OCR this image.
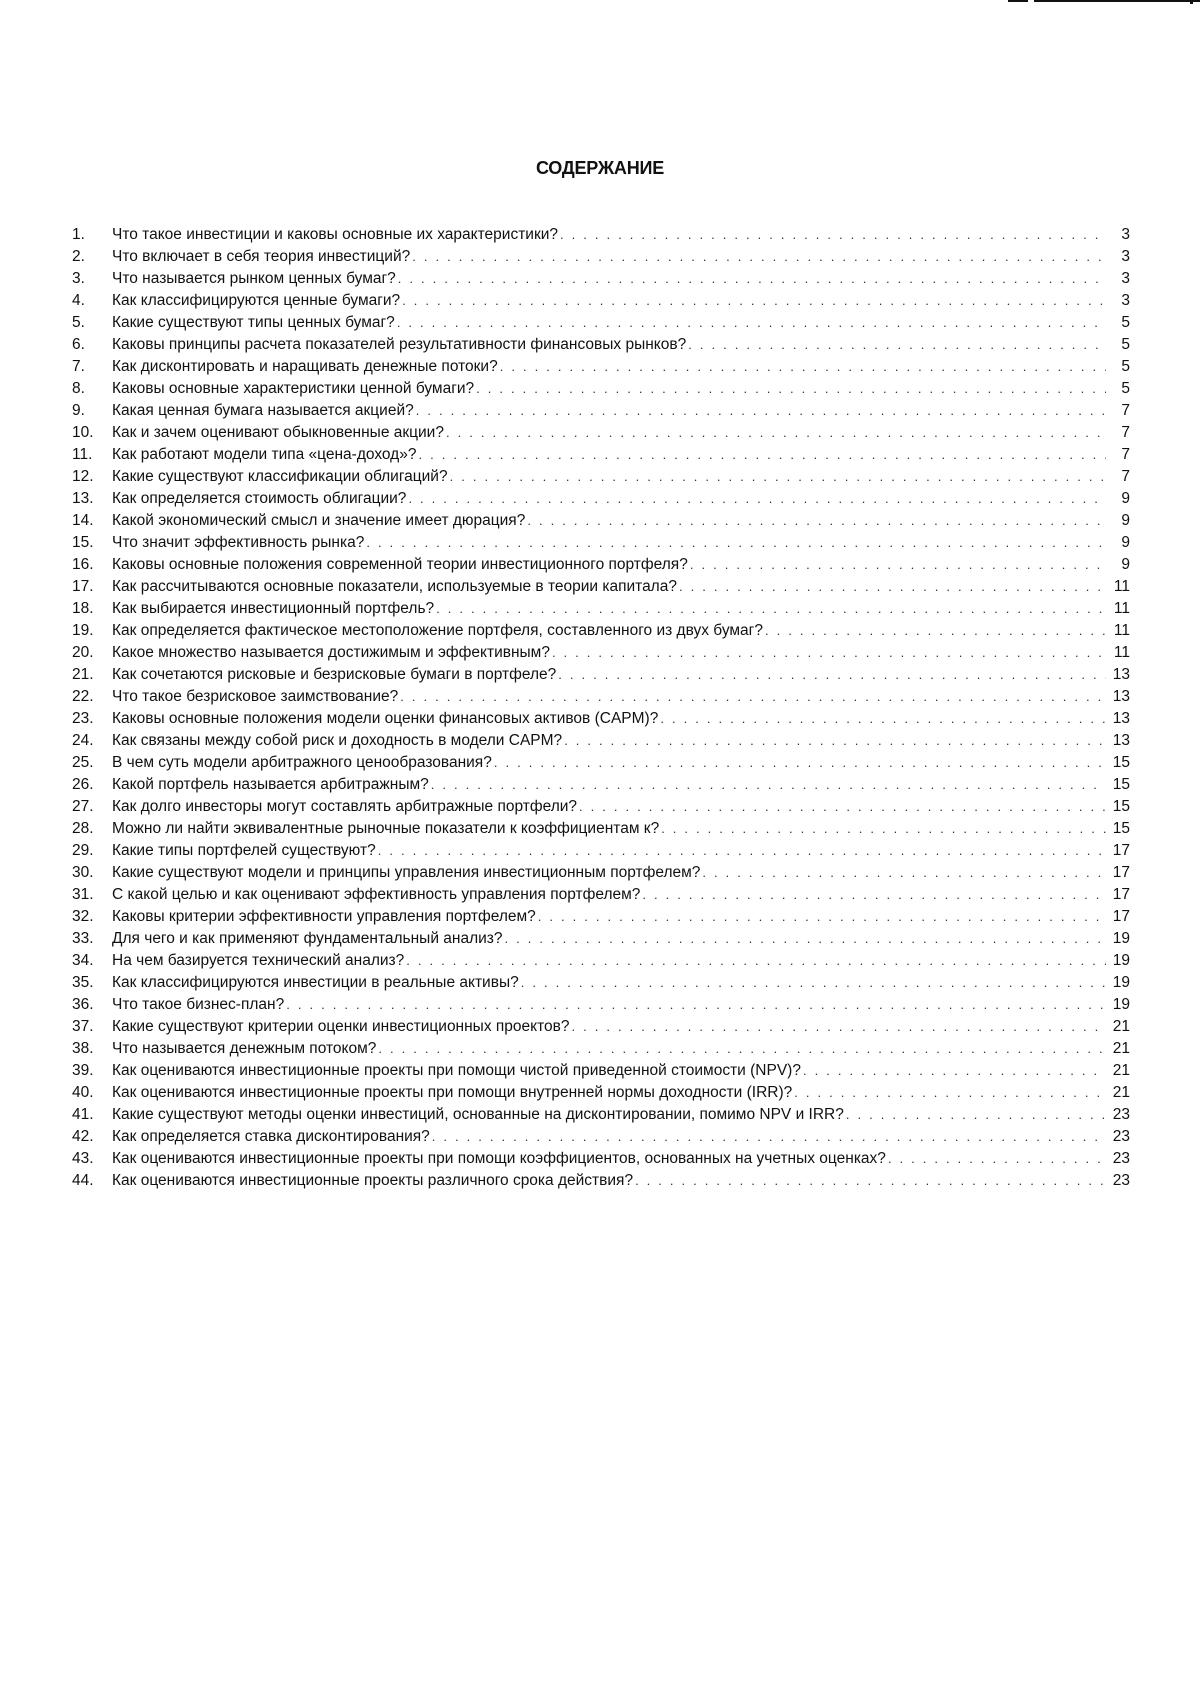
СОДЕРЖАНИЕ
1.	Что такое инвестиции и каковы основные их характеристики? . . .	3
2.	Что включает в себя теория инвестиций? . . .	3
3.	Что называется рынком ценных бумаг? . . .	3
4.	Как классифицируются ценные бумаги? . . .	3
5.	Какие существуют типы ценных бумаг? . . .	5
6.	Каковы принципы расчета показателей результативности финансовых рынков? . . .	5
7.	Как дисконтировать и наращивать денежные потоки? . . .	5
8.	Каковы основные характеристики ценной бумаги? . . .	5
9.	Какая ценная бумага называется акцией? . . .	7
10.	Как и зачем оценивают обыкновенные акции? . . .	7
11.	Как работают модели типа «цена-доход»? . . .	7
12.	Какие существуют классификации облигаций? . . .	7
13.	Как определяется стоимость облигации? . . .	9
14.	Какой экономический смысл и значение имеет дюрация? . . .	9
15.	Что значит эффективность рынка? . . .	9
16.	Каковы основные положения современной теории инвестиционного портфеля? . . .	9
17.	Как рассчитываются основные показатели, используемые в теории капитала? . . .	11
18.	Как выбирается инвестиционный портфель? . . .	11
19.	Как определяется фактическое местоположение портфеля, составленного из двух бумаг? . . .	11
20.	Какое множество называется достижимым и эффективным? . . .	11
21.	Как сочетаются рисковые и безрисковые бумаги в портфеле? . . .	13
22.	Что такое безрисковое заимствование? . . .	13
23.	Каковы основные положения модели оценки финансовых активов (CAPM)? . . .	13
24.	Как связаны между собой риск и доходность в модели CAPM? . . .	13
25.	В чем суть модели арбитражного ценообразования? . . .	15
26.	Какой портфель называется арбитражным? . . .	15
27.	Как долго инвесторы могут составлять арбитражные портфели? . . .	15
28.	Можно ли найти эквивалентные рыночные показатели к коэффициентам к? . . .	15
29.	Какие типы портфелей существуют? . . .	17
30.	Какие существуют модели и принципы управления инвестиционным портфелем? . . .	17
31.	С какой целью и как оценивают эффективность управления портфелем? . . .	17
32.	Каковы критерии эффективности управления портфелем? . . .	17
33.	Для чего и как применяют фундаментальный анализ? . . .	19
34.	На чем базируется технический анализ? . . .	19
35.	Как классифицируются инвестиции в реальные активы? . . .	19
36.	Что такое бизнес-план? . . .	19
37.	Какие существуют критерии оценки инвестиционных проектов? . . .	21
38.	Что называется денежным потоком? . . .	21
39.	Как оцениваются инвестиционные проекты при помощи чистой приведенной стоимости (NPV)? . . .	21
40.	Как оцениваются инвестиционные проекты при помощи внутренней нормы доходности (IRR)? . . .	21
41.	Какие существуют методы оценки инвестиций, основанные на дисконтировании, помимо NPV и IRR? . . .	23
42.	Как определяется ставка дисконтирования? . . .	23
43.	Как оцениваются инвестиционные проекты при помощи коэффициентов, основанных на учетных оценках? . . .	23
44.	Как оцениваются инвестиционные проекты различного срока действия? . . .	23
